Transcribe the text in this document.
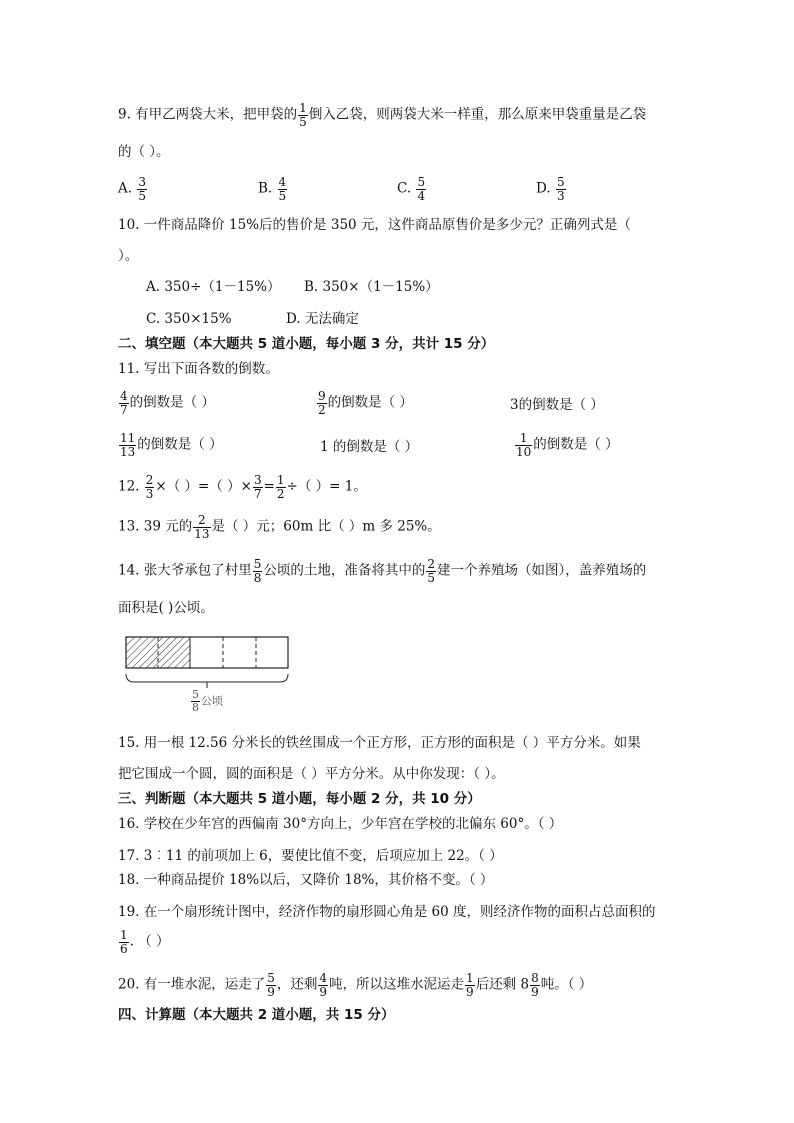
9. 有甲乙两袋大米，把甲袋的 $\frac{1}{5}$ 倒入乙袋，则两袋大米一样重，那么原来甲袋重量是乙袋
的（ ）。
A. $\frac{3}{5}$	B. $\frac{4}{5}$	C. $\frac{5}{4}$	D. $\frac{5}{3}$
10. 一件商品降价 15%后的售价是 350 元，这件商品原售价是多少元？正确列式是（
）。
A. 350÷（1－15%） B. 350×（1－15%）
C. 350×15%	D. 无法确定
二、填空题（本大题共 5 道小题，每小题 3 分，共计 15 分）
11. 写出下面各数的倒数。
$\frac{4}{7}$ 的倒数是（ ）	$\frac{9}{2}$ 的倒数是（ ）	3的倒数是（ ）
$\frac{11}{13}$ 的倒数是（ ）	1 的倒数是（ ）	$\frac{1}{10}$ 的倒数是（ ）
12. $\frac{2}{3}$ ×（ ）=（ ）× $\frac{3}{7} = \frac{1}{2}$ ÷（ ）= 1。
13. 39 元的 $\frac{2}{13}$ 是（ ）元；60m 比（ ）m 多 25%。
14. 张大爷承包了村里 $\frac{5}{8}$ 公顷的土地，准备将其中的 $\frac{2}{5}$ 建一个养殖场（如图），盖养殖场的
面积是( )公顷。
$\frac{5}{8}$ 公顷
15. 用一根 12.56 分米长的铁丝围成一个正方形，正方形的面积是（ ）平方分米。如果
把它围成一个圆，圆的面积是（ ）平方分米。从中你发现：（ ）。
三、判断题（本大题共 5 道小题，每小题 2 分，共 10 分）
16. 学校在少年宫的西偏南 30°方向上，少年宫在学校的北偏东 60°。（ ）
17. 3︰11 的前项加上 6，要使比值不变，后项应加上 22。（ ）
18. 一种商品提价 18%以后，又降价 18%，其价格不变。（ ）
19. 在一个扇形统计图中，经济作物的扇形圆心角是 60 度，则经济作物的面积占总面积的
$\frac{1}{6}$ . （ ）
20. 有一堆水泥，运走了 $\frac{5}{9}$ ，还剩 $\frac{4}{9}$ 吨，所以这堆水泥运走 $\frac{1}{9}$ 后还剩 $8 \frac{8}{9}$ 吨。（ ）
四、计算题（本大题共 2 道小题，共 15 分）
